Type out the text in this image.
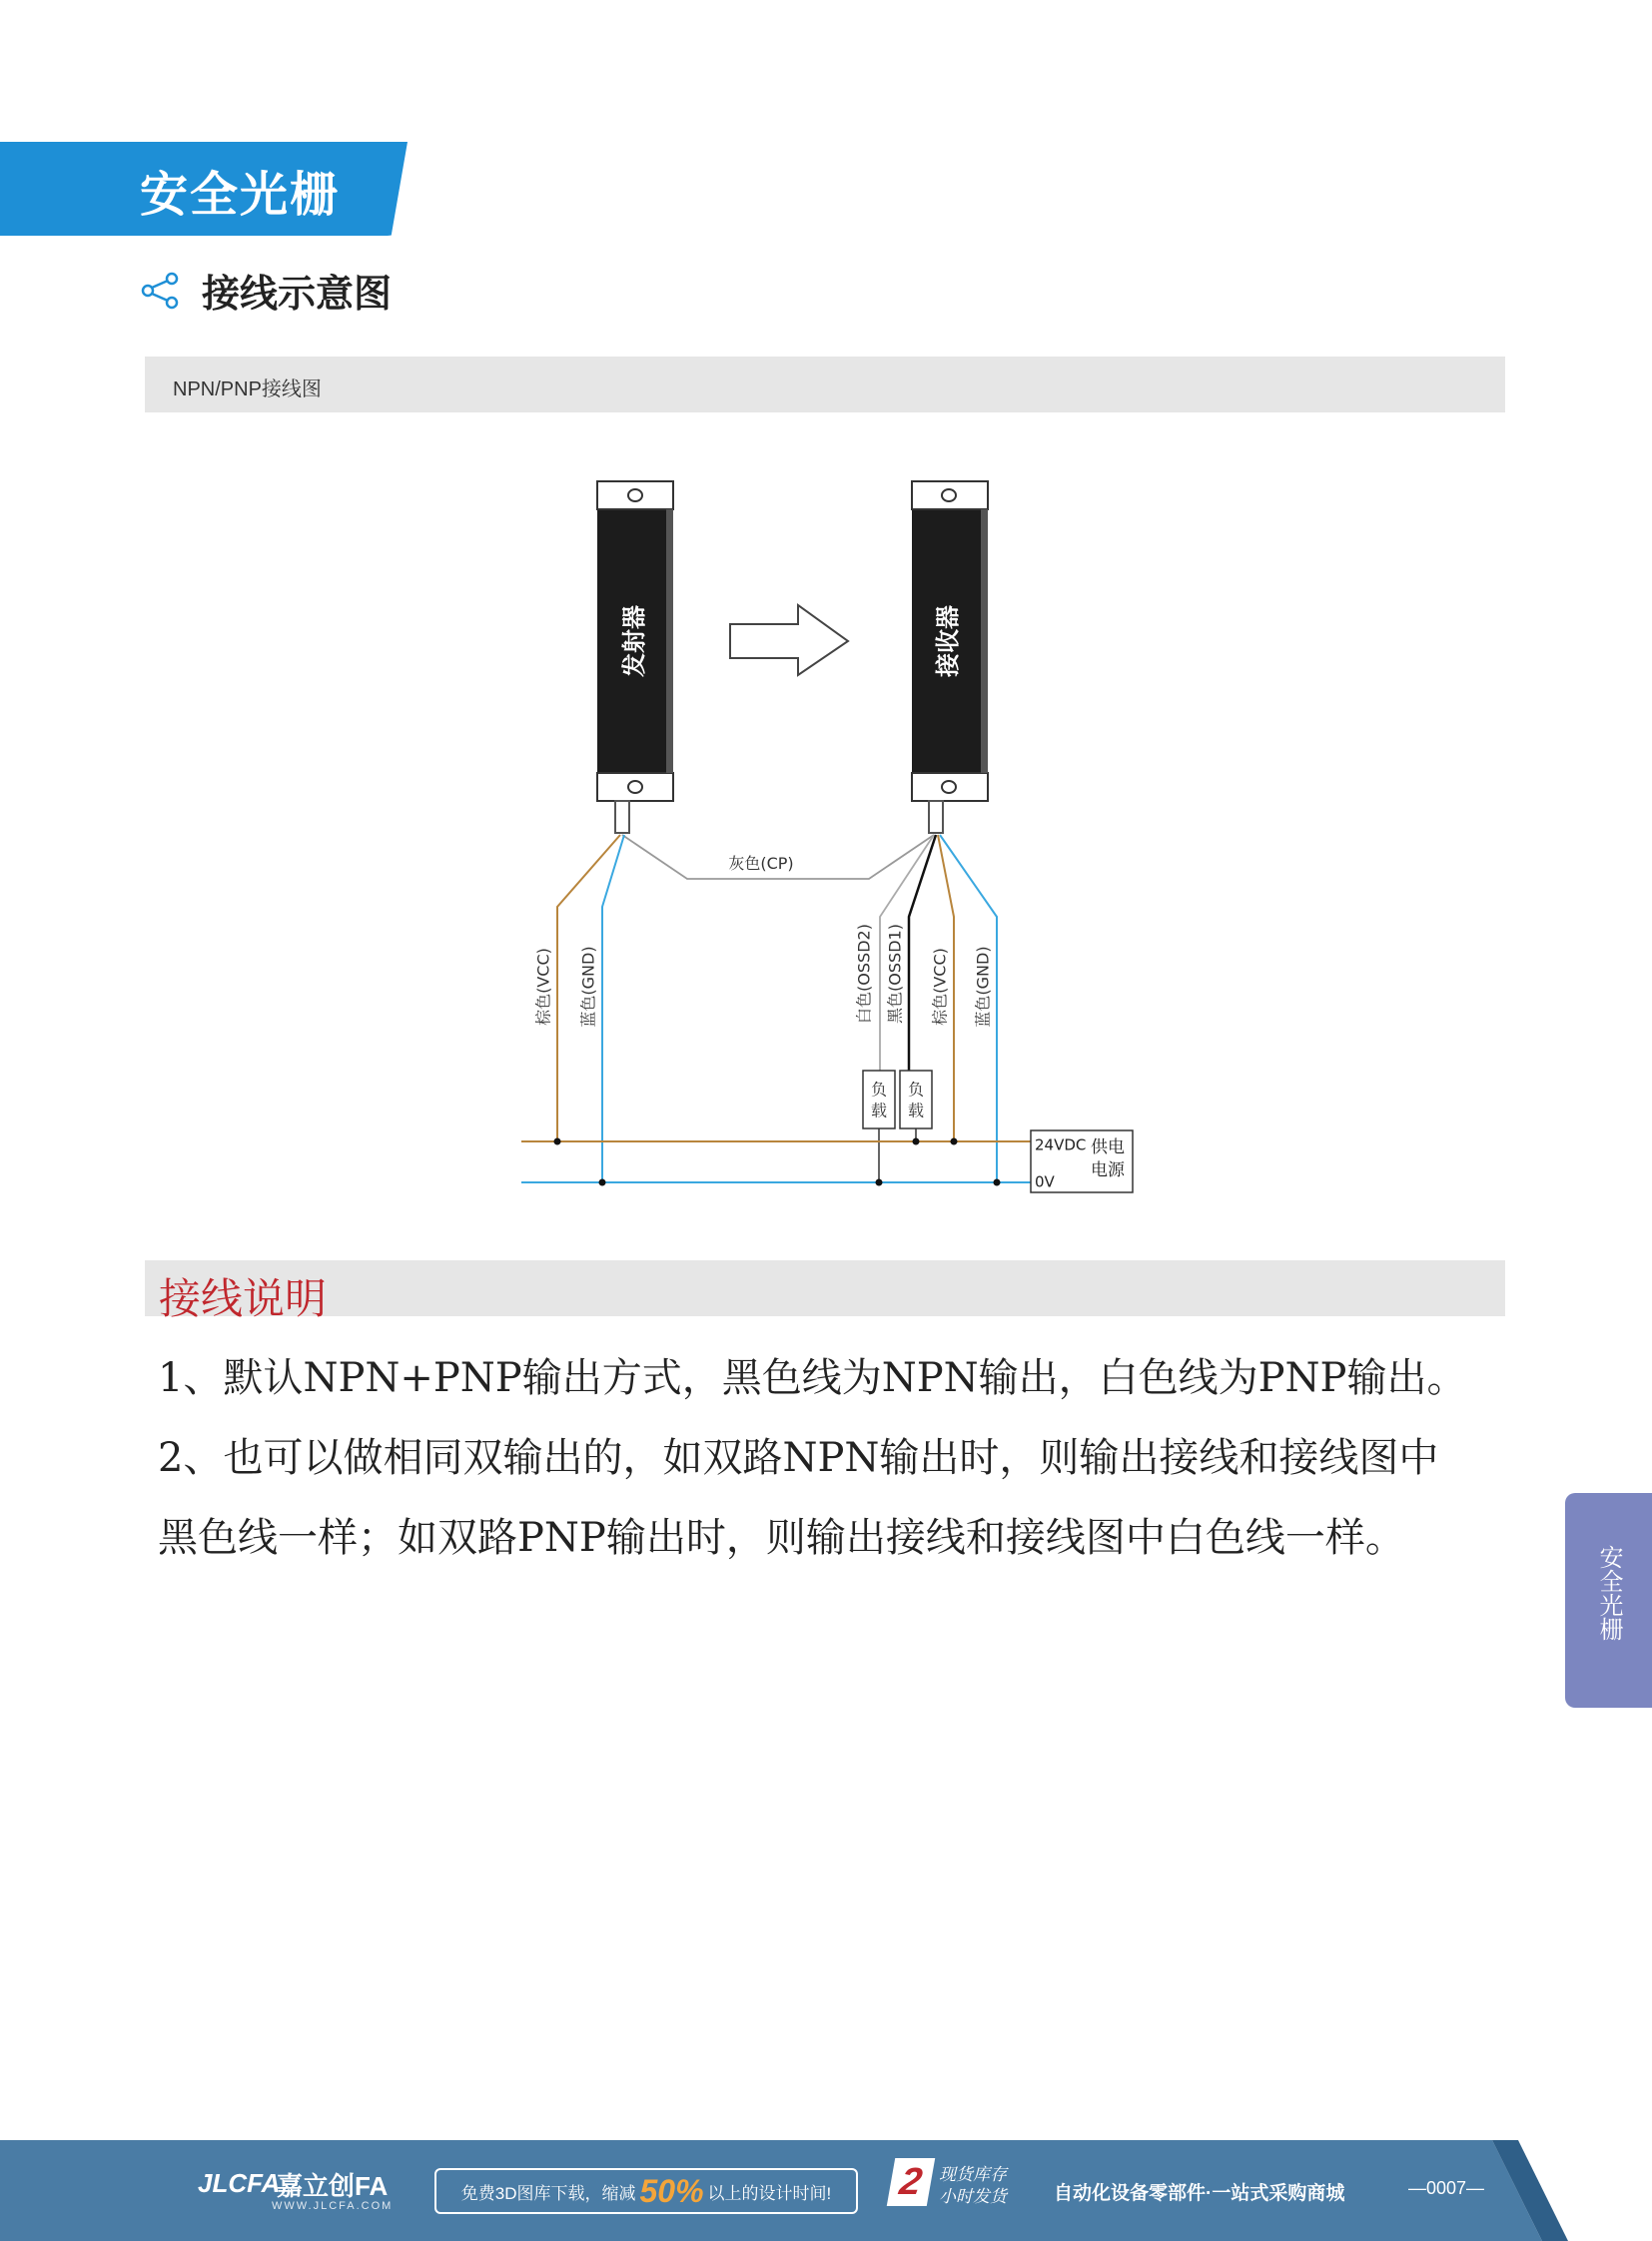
安全光栅
接线示意图
NPN/PNP接线图
发射器	接收器
灰色(CP)
棕色(VCC) 蓝色(GND)	白色(OSSD2) 黑色(OSSD1) 棕色(VCC) 蓝色(GND)
负
载
负
载
24VDC
0V
供电
电源
接线说明
1、默认NPN+PNP输出方式，黑色线为NPN输出，白色线为PNP输出。
2、也可以做相同双输出的，如双路NPN输出时，则输出接线和接线图中
黑色线一样；如双路PNP输出时，则输出接线和接线图中白色线一样。
安全光栅
JLCFA
嘉立创FA
WWW.JLCFA.COM
免费3D图库下载，缩减 50% 以上的设计时间! 2 现货库存
小时发货 自动化设备零部件·一站式采购商城	—0007—
